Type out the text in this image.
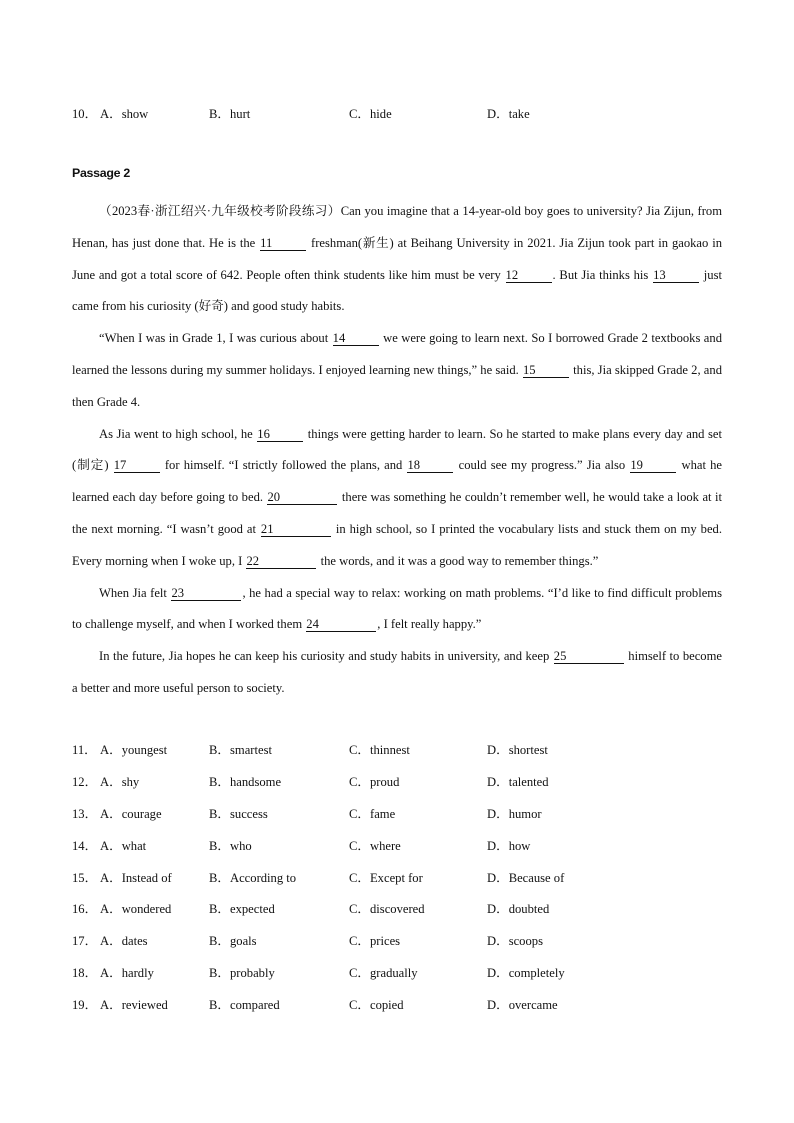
10． A．show	B．hurt	C．hide	D．take
Passage 2

（2023春·浙江绍兴·九年级校考阶段练习）Can you imagine that a 14-year-old boy goes to university? Jia Zijun, from Henan, has just done that. He is the 11	freshman(新生) at Beihang University in 2021. Jia Zijun took part in gaokao in June and got a total score of 642. People often think students like him must be very 12	. But Jia thinks his 13	just came from his curiosity (好奇) and good study habits.

“When I was in Grade 1, I was curious about 14	we were going to learn next. So I borrowed Grade 2 textbooks and learned the lessons during my summer holidays. I enjoyed learning new things,” he said. 15	this, Jia skipped Grade 2, and then Grade 4.

As Jia went to high school, he 16	things were getting harder to learn. So he started to make plans every day and set (制定) 17	for himself. “I strictly followed the plans, and 18	could see my progress.” Jia also 19	what he learned each day before going to bed. 20	there was something he couldn’t remember well, he would take a look at it the next morning. “I wasn’t good at 21	in high school, so I printed the vocabulary lists and stuck them on my bed. Every morning when I woke up, I 22	the words, and it was a good way to remember things.”

When Jia felt 23	, he had a special way to relax: working on math problems. “I’d like to find difficult problems to challenge myself, and when I worked them 24	, I felt really happy.”

In the future, Jia hopes he can keep his curiosity and study habits in university, and keep 25	himself to become a better and more useful person to society.

11． A．youngest	B．smartest	C．thinnest	D．shortest
12． A．shy	B．handsome	C．proud	D．talented
13． A．courage	B．success	C．fame	D．humor
14． A．what	B．who	C．where	D．how
15． A．Instead of	B．According to	C．Except for	D．Because of
16． A．wondered	B．expected	C．discovered	D．doubted
17． A．dates	B．goals	C．prices	D．scoops
18． A．hardly	B．probably	C．gradually	D．completely
19． A．reviewed	B．compared	C．copied	D．overcame
